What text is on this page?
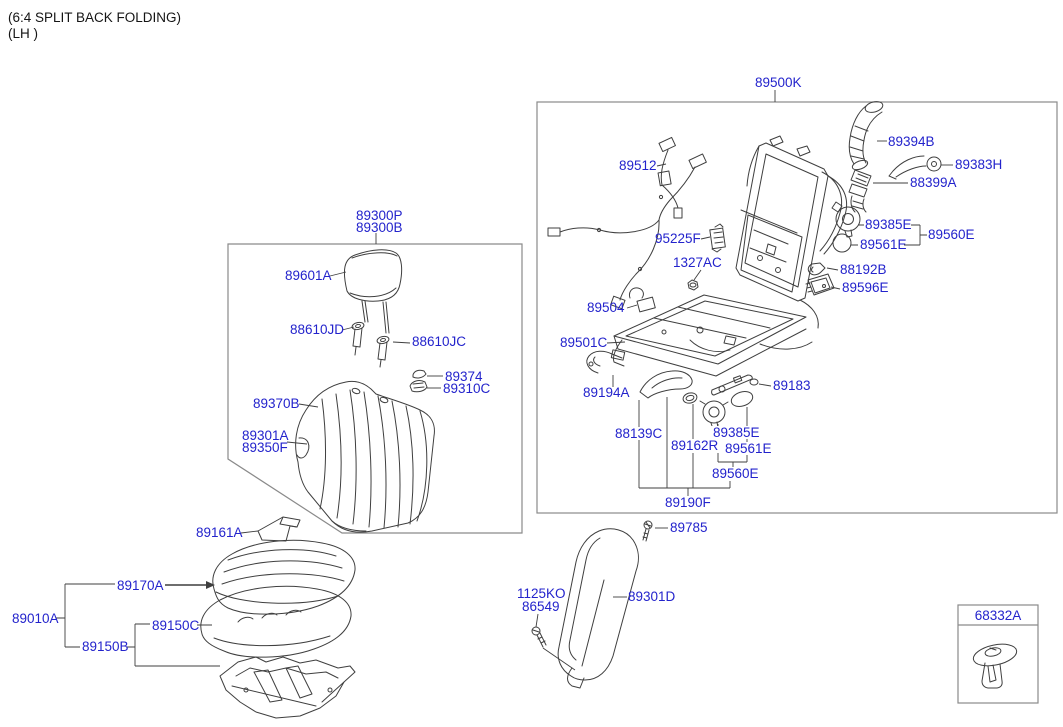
(6:4 SPLIT BACK FOLDING)
(LH )
89300P
89300B
89601A
88610JD
88610JC
89374
89310C
89370B
89301A
89350F
89161A
89170A
89010A	89150C
89150B
89500K
89512
89394B
89383H
88399A
89385E
89560E
89561E
88192B
89596E
95225F
1327AC
89504
89501C
89194A
88139C
89162R
89385E
89561E
89560E
89190F
89183
89785
1125KO
86549
89301D
68332A
